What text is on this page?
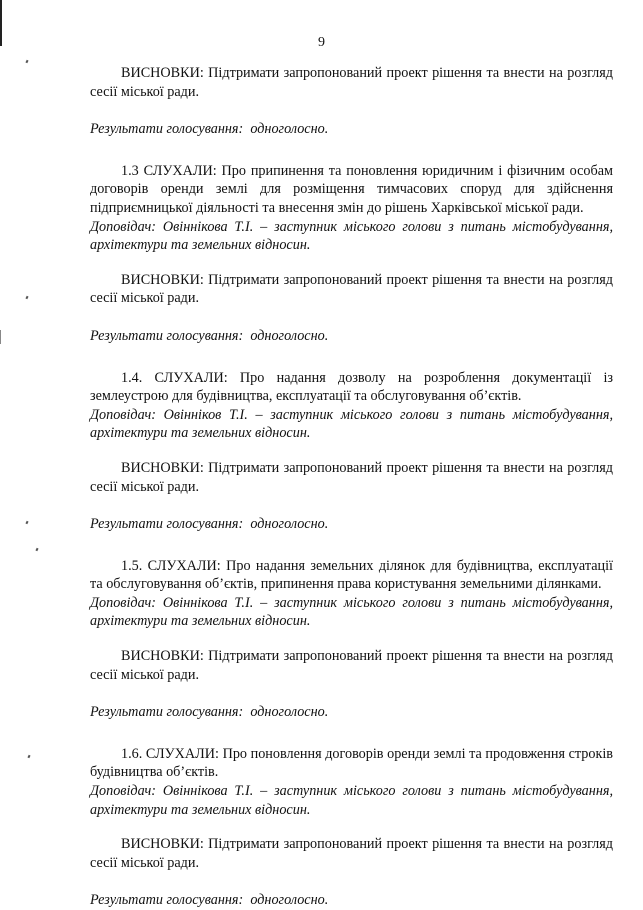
9

ВИСНОВКИ: Підтримати запропонований проект рішення та внести на розгляд сесії міської ради.

Результати голосування: одноголосно.

1.3 СЛУХАЛИ: Про припинення та поновлення юридичним і фізичним особам договорів оренди землі для розміщення тимчасових споруд для здійснення підприємницької діяльності та внесення змін до рішень Харківської міської ради.

Доповідач: Овіннікова Т.І. – заступник міського голови з питань містобудування, архітектури та земельних відносин.

ВИСНОВКИ: Підтримати запропонований проект рішення та внести на розгляд сесії міської ради.

Результати голосування: одноголосно.

1.4. СЛУХАЛИ: Про надання дозволу на розроблення документації із землеустрою для будівництва, експлуатації та обслуговування об’єктів.

Доповідач: Овінніков Т.І. – заступник міського голови з питань містобудування, архітектури та земельних відносин.

ВИСНОВКИ: Підтримати запропонований проект рішення та внести на розгляд сесії міської ради.

Результати голосування: одноголосно.

1.5. СЛУХАЛИ: Про надання земельних ділянок для будівництва, експлуатації та обслуговування об’єктів, припинення права користування земельними ділянками.

Доповідач: Овіннікова Т.І. – заступник міського голови з питань містобудування, архітектури та земельних відносин.

ВИСНОВКИ: Підтримати запропонований проект рішення та внести на розгляд сесії міської ради.

Результати голосування: одноголосно.

1.6. СЛУХАЛИ: Про поновлення договорів оренди землі та продовження строків будівництва об’єктів.

Доповідач: Овіннікова Т.І. – заступник міського голови з питань містобудування, архітектури та земельних відносин.

ВИСНОВКИ: Підтримати запропонований проект рішення та внести на розгляд сесії міської ради.

Результати голосування: одноголосно.
